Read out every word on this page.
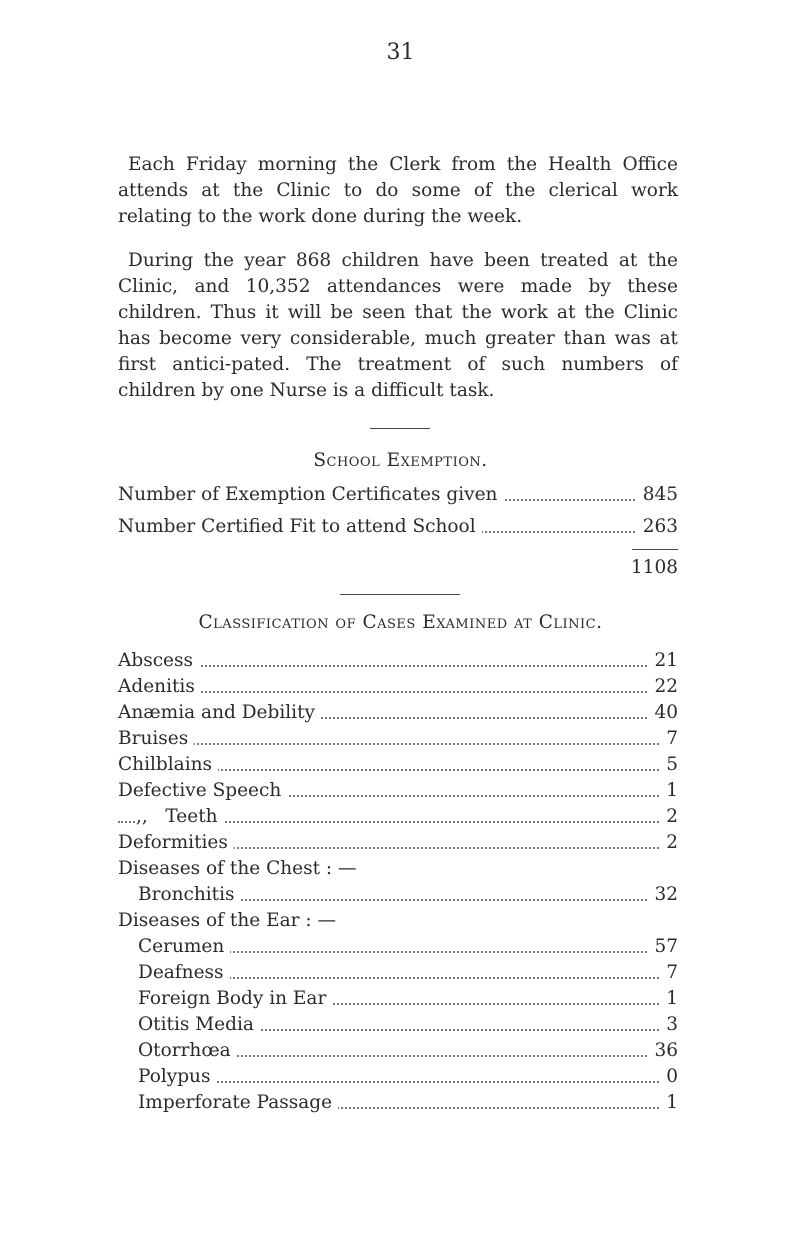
31

Each Friday morning the Clerk from the Health Office attends at the Clinic to do some of the clerical work relating to the work done during the week.

During the year 868 children have been treated at the Clinic, and 10,352 attendances were made by these children. Thus it will be seen that the work at the Clinic has become very considerable, much greater than was at first antici-pated. The treatment of such numbers of children by one Nurse is a difficult task.

School Exemption.
Number of Exemption Certificates given	845
Number Certified Fit to attend School	263
1108
Classification of Cases Examined at Clinic.
Abscess	21
Adenitis	22
Anæmia and Debility	40
Bruises	7
Chilblains	5
Defective Speech	1
,,   Teeth	2
Deformities	2
Diseases of the Chest : —
Bronchitis	32
Diseases of the Ear : —
Cerumen	57
Deafness	7
Foreign Body in Ear	1
Otitis Media	3
Otorrhœa	36
Polypus	0
Imperforate Passage	1
